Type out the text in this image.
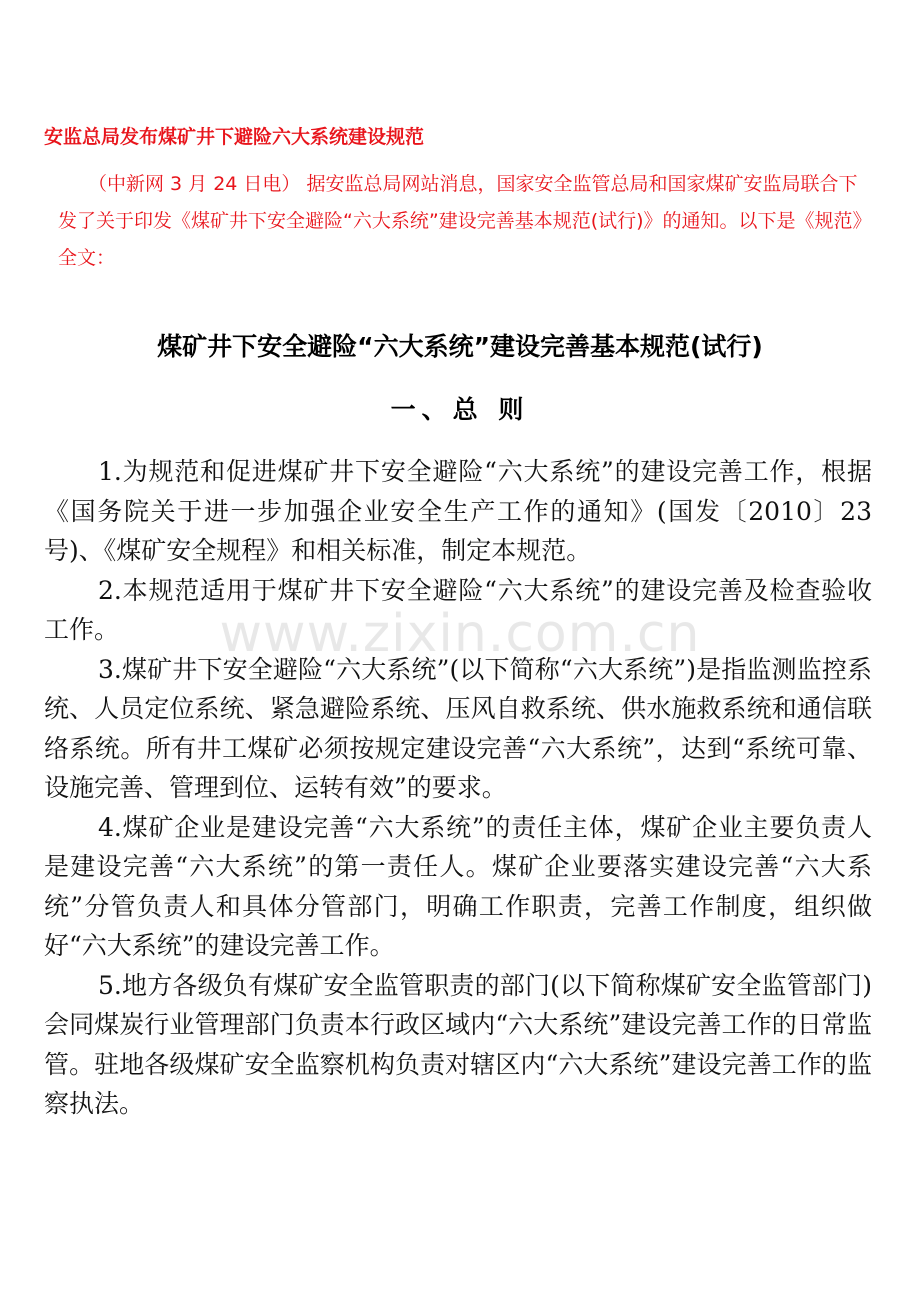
安监总局发布煤矿井下避险六大系统建设规范
（中新网 3 月 24 日电） 据安监总局网站消息，国家安全监管总局和国家煤矿安监局联合下发了关于印发《煤矿井下安全避险“六大系统”建设完善基本规范(试行)》的通知。以下是《规范》全文：
煤矿井下安全避险“六大系统”建设完善基本规范(试行)
一、总 则

1.为规范和促进煤矿井下安全避险“六大系统”的建设完善工作，根据《国务院关于进一步加强企业安全生产工作的通知》(国发〔2010〕23 号)、《煤矿安全规程》和相关标准，制定本规范。

2.本规范适用于煤矿井下安全避险“六大系统”的建设完善及检查验收工作。

3.煤矿井下安全避险“六大系统”(以下简称“六大系统”)是指监测监控系统、人员定位系统、紧急避险系统、压风自救系统、供水施救系统和通信联络系统。所有井工煤矿必须按规定建设完善“六大系统”，达到“系统可靠、设施完善、管理到位、运转有效”的要求。

4.煤矿企业是建设完善“六大系统”的责任主体，煤矿企业主要负责人是建设完善“六大系统”的第一责任人。煤矿企业要落实建设完善“六大系统”分管负责人和具体分管部门，明确工作职责，完善工作制度，组织做好“六大系统”的建设完善工作。

5.地方各级负有煤矿安全监管职责的部门(以下简称煤矿安全监管部门)会同煤炭行业管理部门负责本行政区域内“六大系统”建设完善工作的日常监管。驻地各级煤矿安全监察机构负责对辖区内“六大系统”建设完善工作的监察执法。

www.zixin.com.cn
